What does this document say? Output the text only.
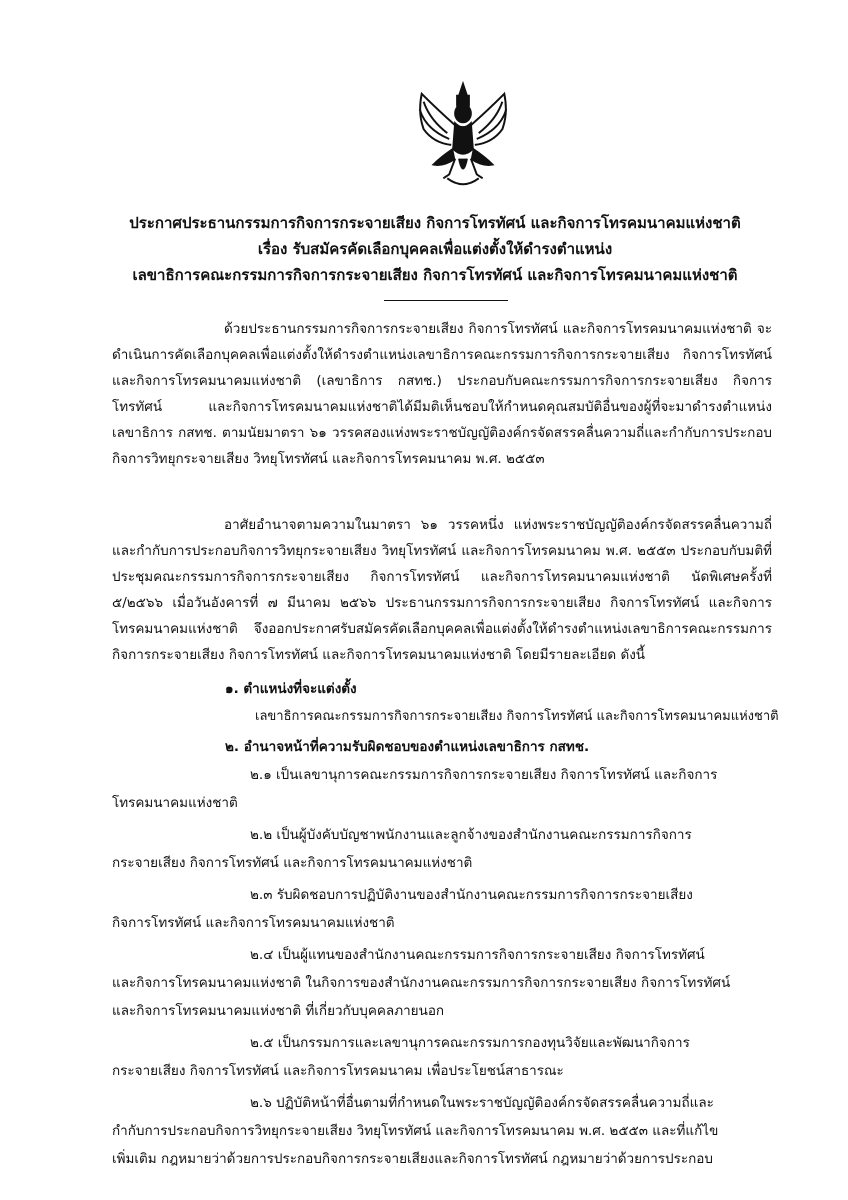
ประกาศประธานกรรมการกิจการกระจายเสียง กิจการโทรทัศน์ และกิจการโทรคมนาคมแห่งชาติ
เรื่อง รับสมัครคัดเลือกบุคคลเพื่อแต่งตั้งให้ดำรงตำแหน่ง
เลขาธิการคณะกรรมการกิจการกระจายเสียง กิจการโทรทัศน์ และกิจการโทรคมนาคมแห่งชาติ
ด้วยประธานกรรมการกิจการกระจายเสียง กิจการโทรทัศน์ และกิจการโทรคมนาคมแห่งชาติ จะดำเนินการคัดเลือกบุคคลเพื่อแต่งตั้งให้ดำรงตำแหน่งเลขาธิการคณะกรรมการกิจการกระจายเสียง กิจการโทรทัศน์ และกิจการโทรคมนาคมแห่งชาติ (เลขาธิการ กสทช.) ประกอบกับคณะกรรมการกิจการกระจายเสียง กิจการโทรทัศน์ และกิจการโทรคมนาคมแห่งชาติได้มีมติเห็นชอบให้กำหนดคุณสมบัติอื่นของผู้ที่จะมาดำรงตำแหน่งเลขาธิการ กสทช. ตามนัยมาตรา ๖๑ วรรคสองแห่งพระราชบัญญัติองค์กรจัดสรรคลื่นความถี่และกำกับการประกอบกิจการวิทยุกระจายเสียง วิทยุโทรทัศน์ และกิจการโทรคมนาคม พ.ศ. ๒๕๕๓
อาศัยอำนาจตามความในมาตรา ๖๑ วรรคหนึ่ง แห่งพระราชบัญญัติองค์กรจัดสรรคลื่นความถี่และกำกับการประกอบกิจการวิทยุกระจายเสียง วิทยุโทรทัศน์ และกิจการโทรคมนาคม พ.ศ. ๒๕๕๓ ประกอบกับมติที่ประชุมคณะกรรมการกิจการกระจายเสียง กิจการโทรทัศน์ และกิจการโทรคมนาคมแห่งชาติ นัดพิเศษครั้งที่ ๕/๒๕๖๖ เมื่อวันอังคารที่ ๗ มีนาคม ๒๕๖๖ ประธานกรรมการกิจการกระจายเสียง กิจการโทรทัศน์ และกิจการโทรคมนาคมแห่งชาติ จึงออกประกาศรับสมัครคัดเลือกบุคคลเพื่อแต่งตั้งให้ดำรงตำแหน่งเลขาธิการคณะกรรมการกิจการกระจายเสียง กิจการโทรทัศน์ และกิจการโทรคมนาคมแห่งชาติ โดยมีรายละเอียด ดังนี้
๑. ตำแหน่งที่จะแต่งตั้ง
เลขาธิการคณะกรรมการกิจการกระจายเสียง กิจการโทรทัศน์ และกิจการโทรคมนาคมแห่งชาติ
๒. อำนาจหน้าที่ความรับผิดชอบของตำแหน่งเลขาธิการ กสทช.
๒.๑ เป็นเลขานุการคณะกรรมการกิจการกระจายเสียง กิจการโทรทัศน์ และกิจการ
โทรคมนาคมแห่งชาติ
๒.๒ เป็นผู้บังคับบัญชาพนักงานและลูกจ้างของสำนักงานคณะกรรมการกิจการ
กระจายเสียง กิจการโทรทัศน์ และกิจการโทรคมนาคมแห่งชาติ
๒.๓ รับผิดชอบการปฏิบัติงานของสำนักงานคณะกรรมการกิจการกระจายเสียง
กิจการโทรทัศน์ และกิจการโทรคมนาคมแห่งชาติ
๒.๔ เป็นผู้แทนของสำนักงานคณะกรรมการกิจการกระจายเสียง กิจการโทรทัศน์
และกิจการโทรคมนาคมแห่งชาติ ในกิจการของสำนักงานคณะกรรมการกิจการกระจายเสียง กิจการโทรทัศน์
และกิจการโทรคมนาคมแห่งชาติ ที่เกี่ยวกับบุคคลภายนอก
๒.๕ เป็นกรรมการและเลขานุการคณะกรรมการกองทุนวิจัยและพัฒนากิจการ
กระจายเสียง กิจการโทรทัศน์ และกิจการโทรคมนาคม เพื่อประโยชน์สาธารณะ
๒.๖ ปฏิบัติหน้าที่อื่นตามที่กำหนดในพระราชบัญญัติองค์กรจัดสรรคลื่นความถี่และ
กำกับการประกอบกิจการวิทยุกระจายเสียง วิทยุโทรทัศน์ และกิจการโทรคมนาคม พ.ศ. ๒๕๕๓ และที่แก้ไข
เพิ่มเติม กฎหมายว่าด้วยการประกอบกิจการกระจายเสียงและกิจการโทรทัศน์ กฎหมายว่าด้วยการประกอบ
